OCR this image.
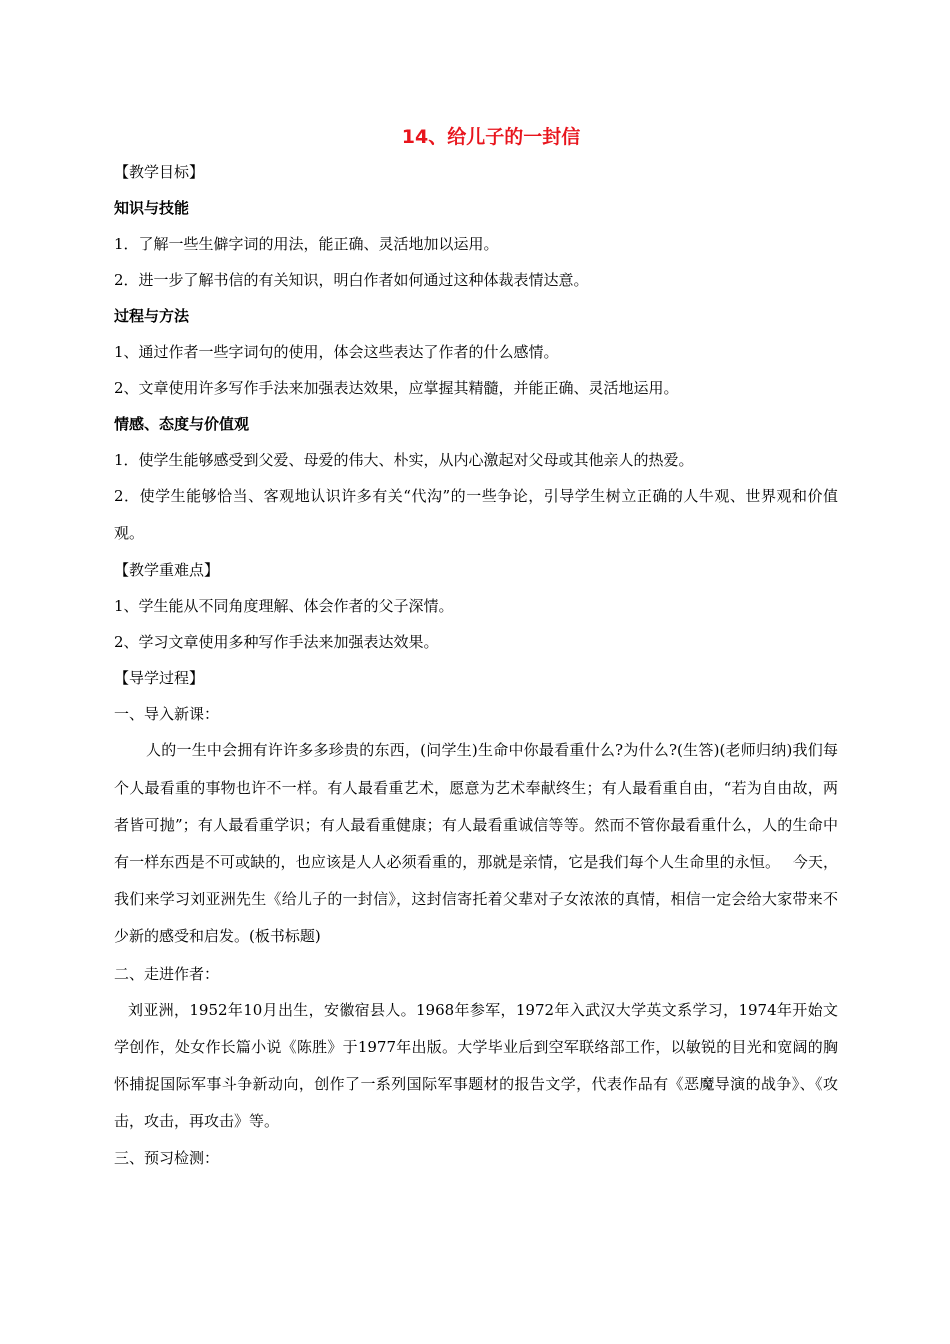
14、给儿子的一封信
【教学目标】
知识与技能
1．了解一些生僻字词的用法，能正确、灵活地加以运用。
2．进一步了解书信的有关知识，明白作者如何通过这种体裁表情达意。
过程与方法
1、通过作者一些字词句的使用，体会这些表达了作者的什么感情。
2、文章使用许多写作手法来加强表达效果，应掌握其精髓，并能正确、灵活地运用。
情感、态度与价值观
1．使学生能够感受到父爱、母爱的伟大、朴实，从内心激起对父母或其他亲人的热爱。

2．使学生能够恰当、客观地认识许多有关“代沟”的一些争论，引导学生树立正确的人牛观、世界观和价值观。

【教学重难点】
1、学生能从不同角度理解、体会作者的父子深情。
2、学习文章使用多种写作手法来加强表达效果。
【导学过程】
一、导入新课：

人的一生中会拥有许许多多珍贵的东西，(问学生)生命中你最看重什么?为什么?(生答)(老师归纳)我们每个人最看重的事物也许不一样。有人最看重艺术，愿意为艺术奉献终生；有人最看重自由，“若为自由故，两者皆可抛”；有人最看重学识；有人最看重健康；有人最看重诚信等等。然而不管你最看重什么，人的生命中有一样东西是不可或缺的，也应该是人人必须看重的，那就是亲情，它是我们每个人生命里的永恒。　 今天，我们来学习刘亚洲先生《给儿子的一封信》，这封信寄托着父辈对子女浓浓的真情，相信一定会给大家带来不少新的感受和启发。(板书标题)

二、走进作者：

刘亚洲，1952年10月出生，安徽宿县人。1968年参军，1972年入武汉大学英文系学习，1974年开始文学创作，处女作长篇小说《陈胜》于1977年出版。大学毕业后到空军联络部工作，以敏锐的目光和宽阔的胸怀捕捉国际军事斗争新动向，创作了一系列国际军事题材的报告文学，代表作品有《恶魔导演的战争》、《攻击，攻击，再攻击》等。

三、预习检测：
